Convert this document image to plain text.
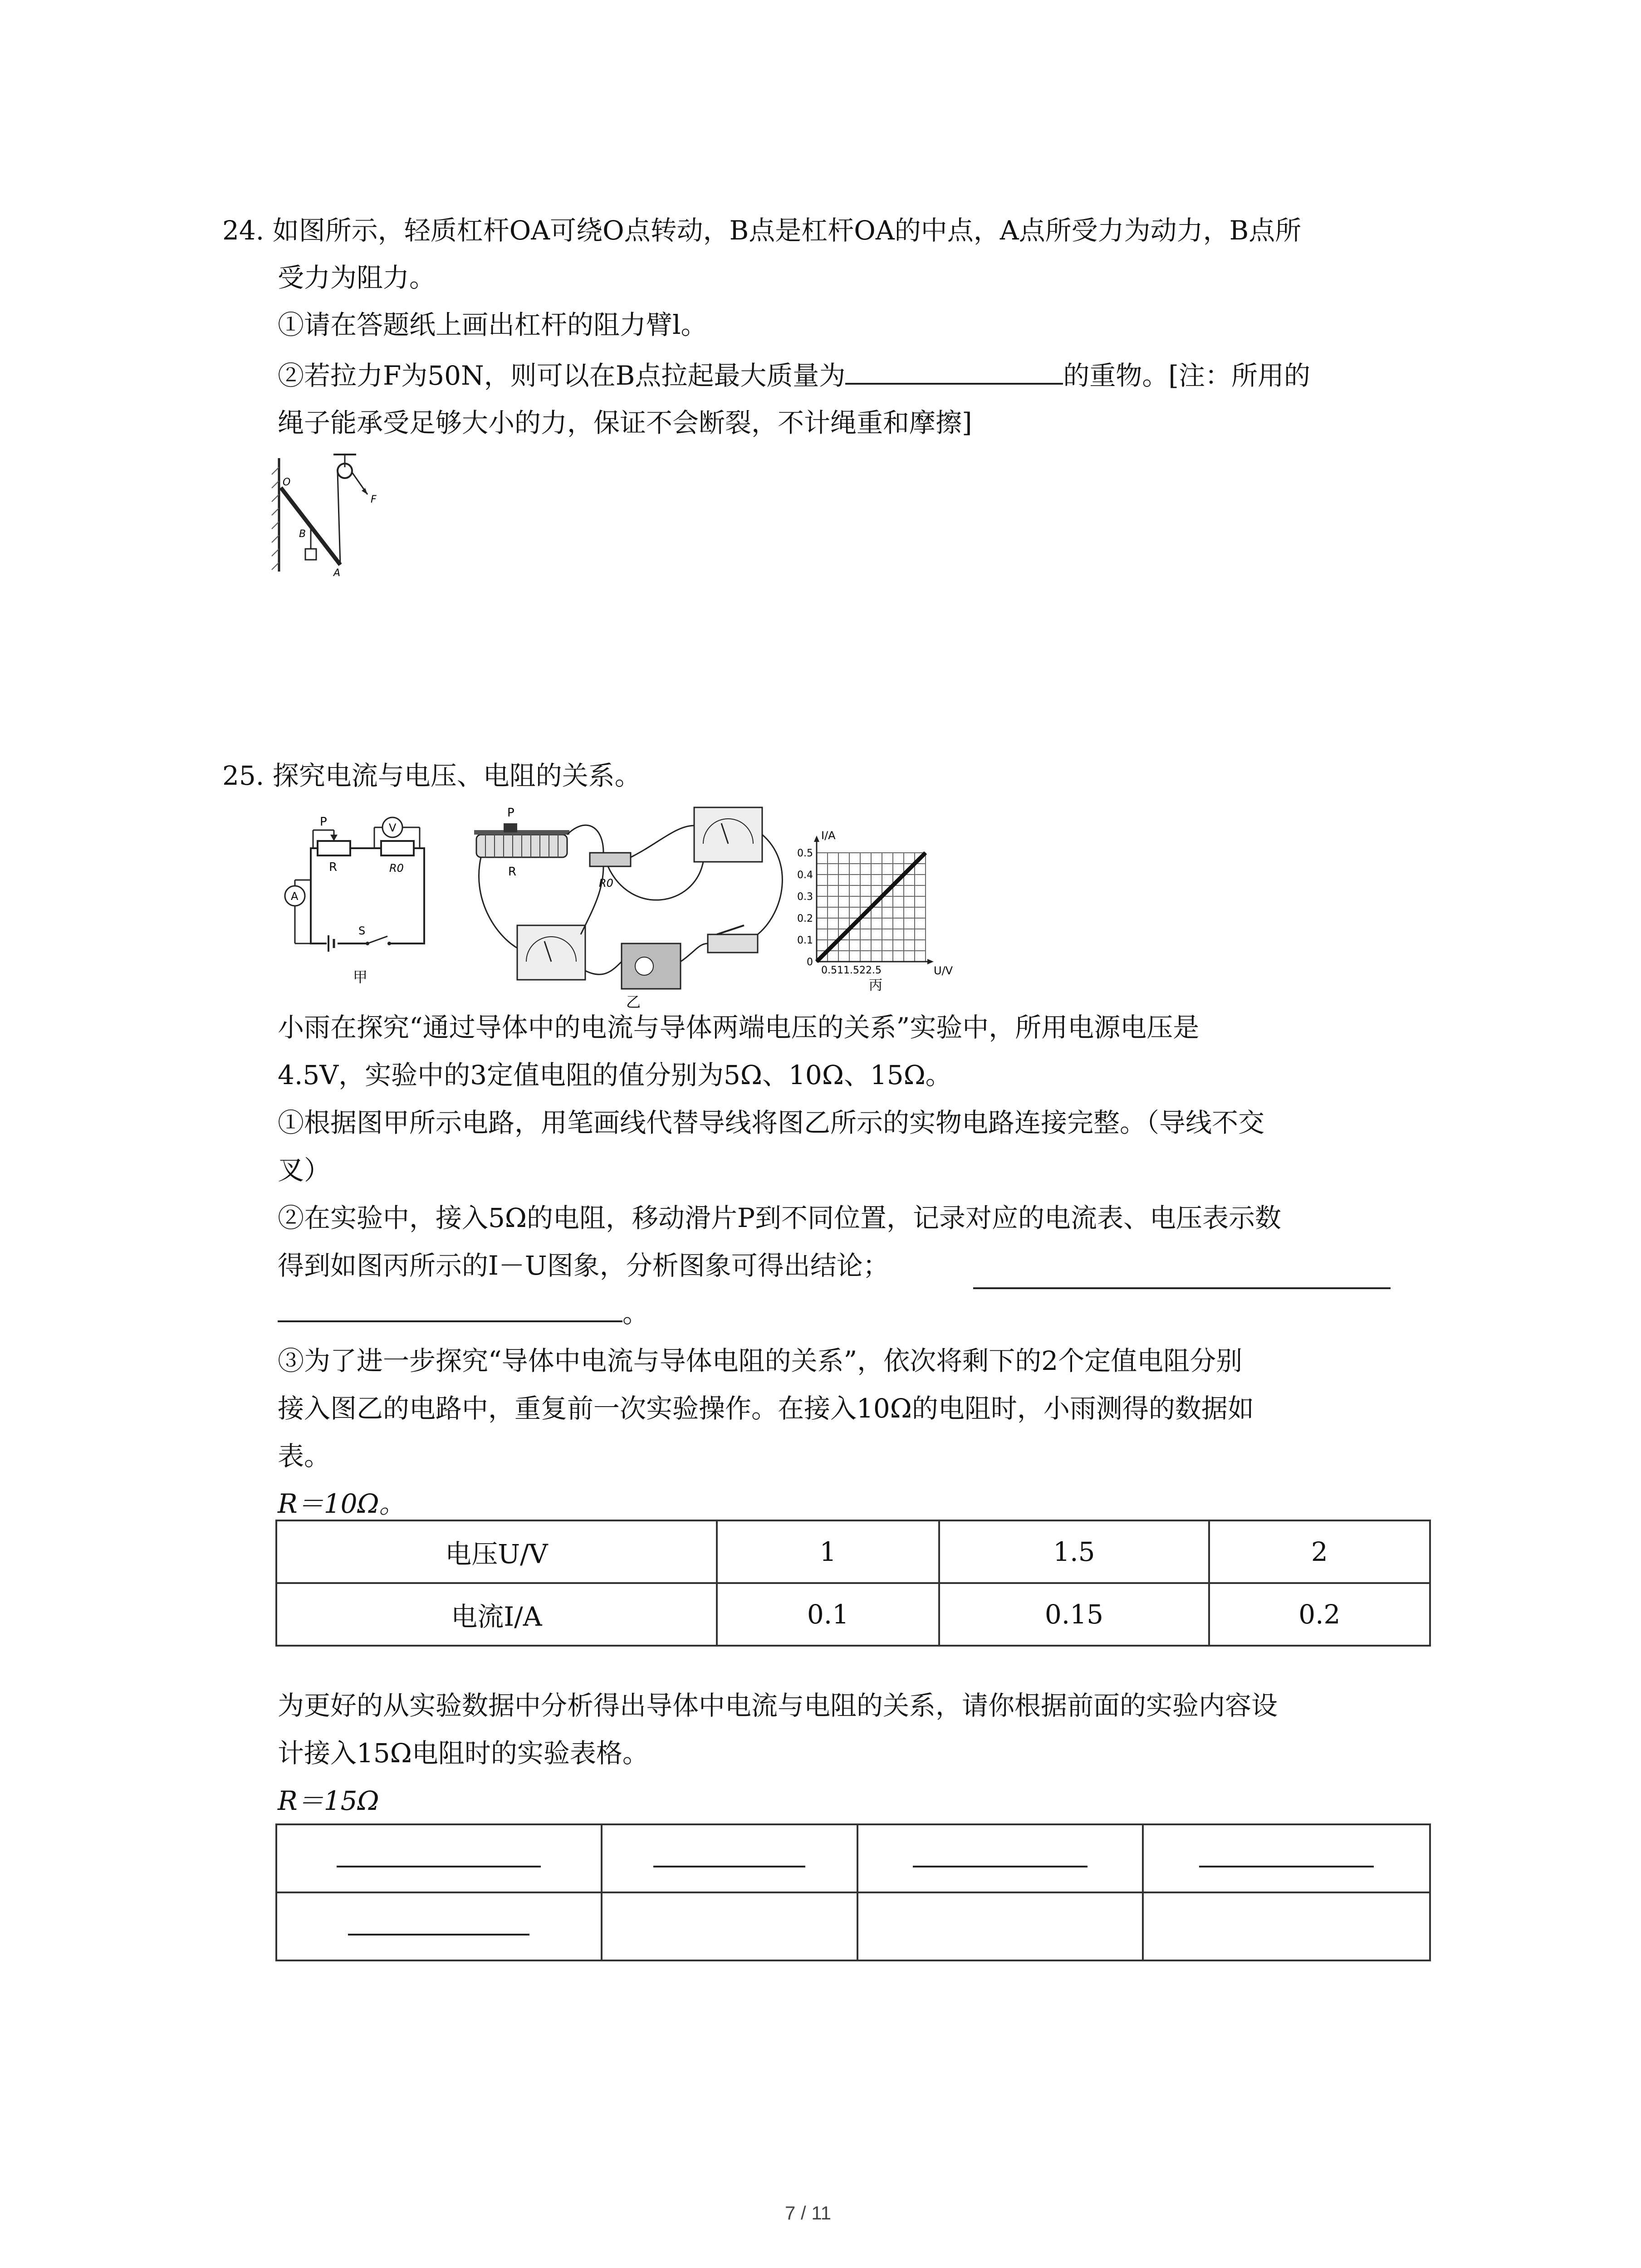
24. 如图所示，轻质杠杆OA可绕O点转动，B点是杠杆OA的中点，A点所受力为动力，B点所
受力为阻力。
①请在答题纸上画出杠杆的阻力臂l。
②若拉力F为50N，则可以在B点拉起最大质量为	的重物。[注：所用的
绳子能承受足够大小的力，保证不会断裂，不计绳重和摩擦]
O
B
A
F
25. 探究电流与电压、电阻的关系。
P
R	R0
V
A
S
甲
P
R
R0
乙
I/A
U/V
0.5
0.4
0.3
0.2
0.1
0
0.511.522.5
丙
小雨在探究“通过导体中的电流与导体两端电压的关系”实验中，所用电源电压是
4.5V，实验中的3定值电阻的值分别为5Ω、10Ω、15Ω。
①根据图甲所示电路，用笔画线代替导线将图乙所示的实物电路连接完整。（导线不交
叉）
②在实验中，接入5Ω的电阻，移动滑片P到不同位置，记录对应的电流表、电压表示数
得到如图丙所示的I－U图象，分析图象可得出结论；
。
③为了进一步探究“导体中电流与导体电阻的关系”，依次将剩下的2个定值电阻分别
接入图乙的电路中，重复前一次实验操作。在接入10Ω的电阻时，小雨测得的数据如
表。
R＝10Ω。
电压U/V	1	1.5	2
电流I/A	0.1	0.15	0.2
为更好的从实验数据中分析得出导体中电流与电阻的关系，请你根据前面的实验内容设
计接入15Ω电阻时的实验表格。
R＝15Ω

7 / 11
